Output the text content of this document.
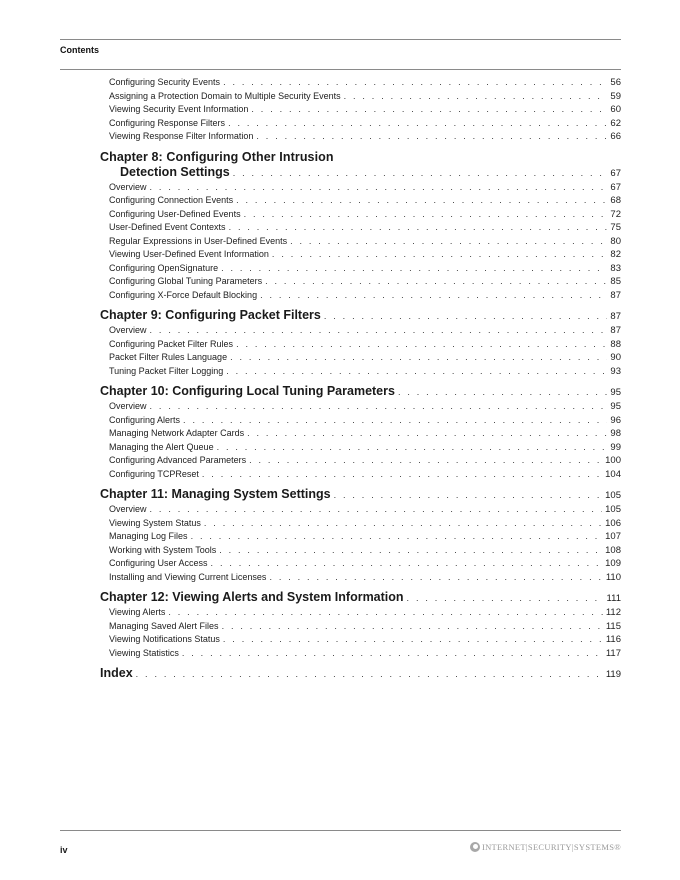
Contents
Configuring Security Events . . .	56
Assigning a Protection Domain to Multiple Security Events . . .	59
Viewing Security Event Information . . .	60
Configuring Response Filters . . .	62
Viewing Response Filter Information . . .	66
Chapter 8: Configuring Other Intrusion
Detection Settings . . .	67
Overview . . .	67
Configuring Connection Events . . .	68
Configuring User-Defined Events . . .	72
User-Defined Event Contexts . . .	75
Regular Expressions in User-Defined Events . . .	80
Viewing User-Defined Event Information . . .	82
Configuring OpenSignature . . .	83
Configuring Global Tuning Parameters . . .	85
Configuring X-Force Default Blocking . . .	87
Chapter 9: Configuring Packet Filters . . .	87
Overview . . .	87
Configuring Packet Filter Rules . . .	88
Packet Filter Rules Language . . .	90
Tuning Packet Filter Logging . . .	93
Chapter 10: Configuring Local Tuning Parameters . . .	95
Overview . . .	95
Configuring Alerts . . .	96
Managing Network Adapter Cards . . .	98
Managing the Alert Queue . . .	99
Configuring Advanced Parameters . . .	100
Configuring TCPReset . . .	104
Chapter 11: Managing System Settings . . .	105
Overview . . .	105
Viewing System Status . . .	106
Managing Log Files . . .	107
Working with System Tools . . .	108
Configuring User Access . . .	109
Installing and Viewing Current Licenses . . .	110
Chapter 12: Viewing Alerts and System Information . . .	111
Viewing Alerts . . .	112
Managing Saved Alert Files . . .	115
Viewing Notifications Status . . .	116
Viewing Statistics . . .	117
Index . . .	119
iv	INTERNET|SECURITY|SYSTEMS®
